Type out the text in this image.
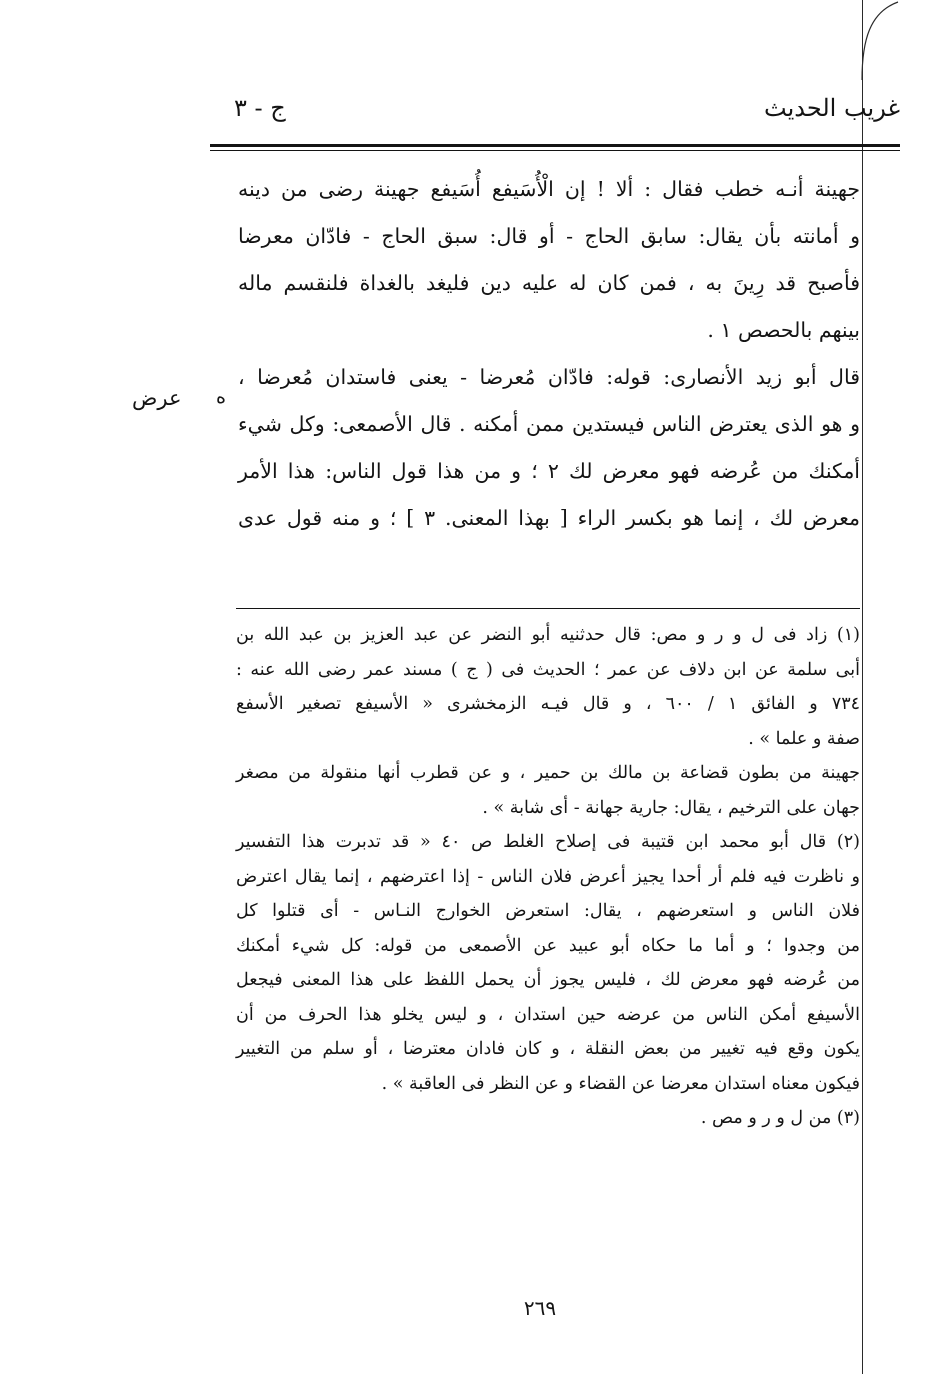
غريب الحديث
ج - ٣
جهينة أنـه خطب فقال : ألا ! إن الْأُسَيفع أُسَيفع جهينة رضى من دينه
و أمانته بأن يقال: سابق الحاج - أو قال: سبق الحاج - فادّان معرضا
فأصبح قد رِينَ به ، فمن كان له عليه دين فليغد بالغداة فلنقسم ماله
بينهم بالحصص ١ .
قال أبو زيد الأنصارى: قوله: فادّان مُعرضا - يعنى فاستدان مُعرضا ،
و هو الذى يعترض الناس فيستدين ممن أمكنه . قال الأصمعى: وكل شيء
أمكنك من عُرضه فهو معرض لك ٢ ؛ و من هذا قول الناس: هذا الأمر
معرض لك ، إنما هو بكسر الراء [ بهذا المعنى. ٣ ] ؛ و منه قول عدى
عرض ه
(١) زاد فى ل و ر و مص: قال حدثنيه أبو النضر عن عبد العزيز بن عبد الله بن
أبى سلمة عن ابن دلاف عن عمر ؛ الحديث فى ( ج ) مسند عمر رضى الله عنه :
٧٣٤ و الفائق ١ / ٦٠٠ ، و قال فيـه الزمخشرى « الأسيفع تصغير الأسفع
صفة و علما » .
جهينة من بطون قضاعة بن مالك بن حمير ، و عن قطرب أنها منقولة من مصغر
جهان على الترخيم ، يقال: جارية جهانة - أى شابة » .
(٢) قال أبو محمد ابن قتيبة فى إصلاح الغلط ص ٤٠ « قد تدبرت هذا التفسير
و ناظرت فيه فلم أر أحدا يجيز أعرض فلان الناس - إذا اعترضهم ، إنما يقال اعترض
فلان الناس و استعرضهم ، يقال: استعرض الخوارج النـاس - أى قتلوا كل
من وجدوا ؛ و أما ما حكاه أبو عبيد عن الأصمعى من قوله: كل شيء أمكنك
من عُرضه فهو معرض لك ، فليس يجوز أن يحمل اللفظ على هذا المعنى فيجعل
الأسيفع أمكن الناس من عرضه حين استدان ، و ليس يخلو هذا الحرف من أن
يكون وقع فيه تغيير من بعض النقلة ، و كان فادان معترضا ، أو سلم من التغيير
فيكون معناه استدان معرضا عن القضاء و عن النظر فى العاقبة » .
(٣) من ل و ر و مص .
٢٦٩
